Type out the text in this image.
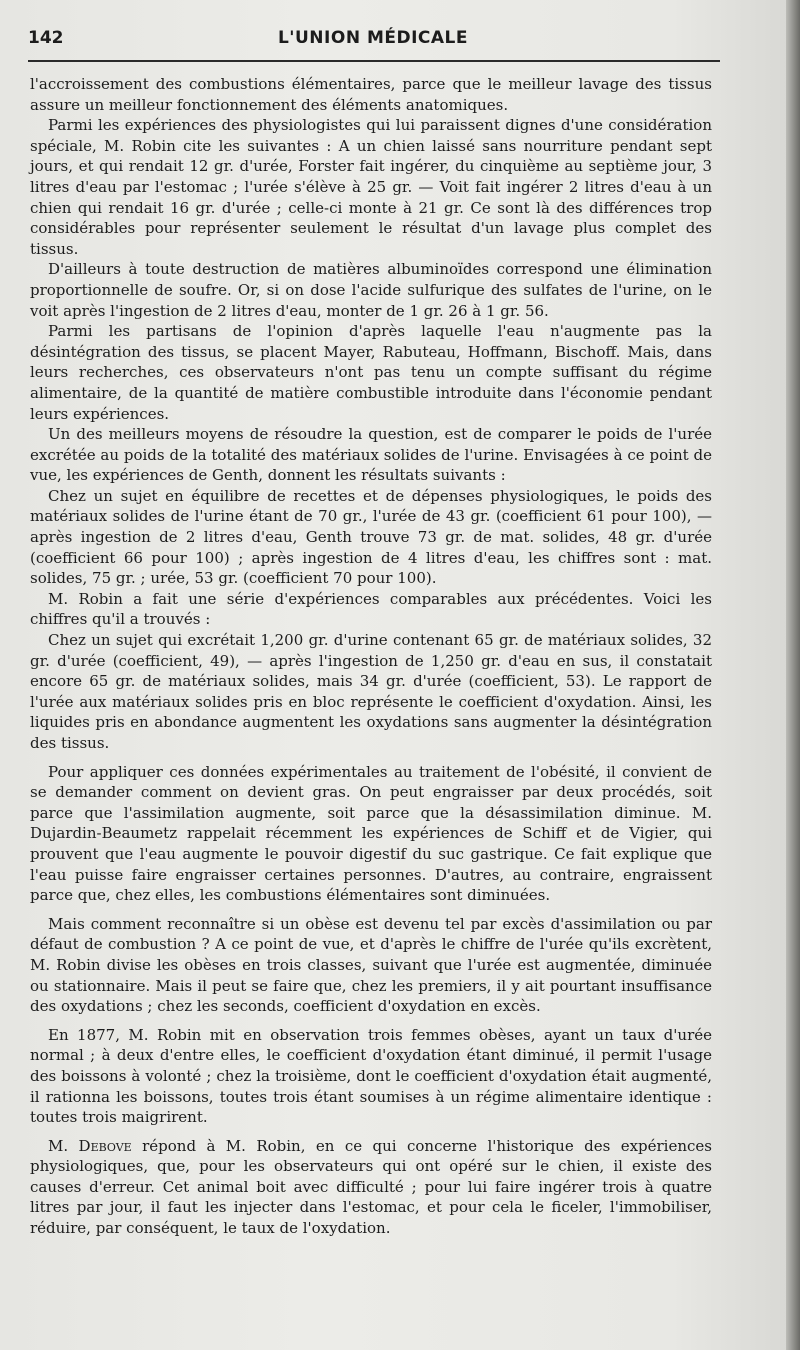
142	L'UNION MÉDICALE

l'accroissement des combustions élémentaires, parce que le meilleur lavage des tissus assure un meilleur fonctionnement des éléments anatomiques.

Parmi les expériences des physiologistes qui lui paraissent dignes d'une considération spéciale, M. Robin cite les suivantes : A un chien laissé sans nourriture pendant sept jours, et qui rendait 12 gr. d'urée, Forster fait ingérer, du cinquième au septième jour, 3 litres d'eau par l'estomac ; l'urée s'élève à 25 gr. — Voit fait ingérer 2 litres d'eau à un chien qui rendait 16 gr. d'urée ; celle-ci monte à 21 gr. Ce sont là des différences trop considérables pour représenter seulement le résultat d'un lavage plus complet des tissus.

D'ailleurs à toute destruction de matières albuminoïdes correspond une élimination proportionnelle de soufre. Or, si on dose l'acide sulfurique des sulfates de l'urine, on le voit après l'ingestion de 2 litres d'eau, monter de 1 gr. 26 à 1 gr. 56.

Parmi les partisans de l'opinion d'après laquelle l'eau n'augmente pas la désintégration des tissus, se placent Mayer, Rabuteau, Hoffmann, Bischoff. Mais, dans leurs recherches, ces observateurs n'ont pas tenu un compte suffisant du régime alimentaire, de la quantité de matière combustible introduite dans l'économie pendant leurs expériences.

Un des meilleurs moyens de résoudre la question, est de comparer le poids de l'urée excrétée au poids de la totalité des matériaux solides de l'urine. Envisagées à ce point de vue, les expériences de Genth, donnent les résultats suivants :

Chez un sujet en équilibre de recettes et de dépenses physiologiques, le poids des matériaux solides de l'urine étant de 70 gr., l'urée de 43 gr. (coefficient 61 pour 100), — après ingestion de 2 litres d'eau, Genth trouve 73 gr. de mat. solides, 48 gr. d'urée (coefficient 66 pour 100) ; après ingestion de 4 litres d'eau, les chiffres sont : mat. solides, 75 gr. ; urée, 53 gr. (coefficient 70 pour 100).

M. Robin a fait une série d'expériences comparables aux précédentes. Voici les chiffres qu'il a trouvés :

Chez un sujet qui excrétait 1,200 gr. d'urine contenant 65 gr. de matériaux solides, 32 gr. d'urée (coefficient, 49), — après l'ingestion de 1,250 gr. d'eau en sus, il constatait encore 65 gr. de matériaux solides, mais 34 gr. d'urée (coefficient, 53). Le rapport de l'urée aux matériaux solides pris en bloc représente le coefficient d'oxydation. Ainsi, les liquides pris en abondance augmentent les oxydations sans augmenter la désintégration des tissus.

Pour appliquer ces données expérimentales au traitement de l'obésité, il convient de se demander comment on devient gras. On peut engraisser par deux procédés, soit parce que l'assimilation augmente, soit parce que la désassimilation diminue. M. Dujardin-Beaumetz rappelait récemment les expériences de Schiff et de Vigier, qui prouvent que l'eau augmente le pouvoir digestif du suc gastrique. Ce fait explique que l'eau puisse faire engraisser certaines personnes. D'autres, au contraire, engraissent parce que, chez elles, les combustions élémentaires sont diminuées.

Mais comment reconnaître si un obèse est devenu tel par excès d'assimilation ou par défaut de combustion ? A ce point de vue, et d'après le chiffre de l'urée qu'ils excrètent, M. Robin divise les obèses en trois classes, suivant que l'urée est augmentée, diminuée ou stationnaire. Mais il peut se faire que, chez les premiers, il y ait pourtant insuffisance des oxydations ; chez les seconds, coefficient d'oxydation en excès.

En 1877, M. Robin mit en observation trois femmes obèses, ayant un taux d'urée normal ; à deux d'entre elles, le coefficient d'oxydation étant diminué, il permit l'usage des boissons à volonté ; chez la troisième, dont le coefficient d'oxydation était augmenté, il rationna les boissons, toutes trois étant soumises à un régime alimentaire identique : toutes trois maigrirent.

M. Debove répond à M. Robin, en ce qui concerne l'historique des expériences physiologiques, que, pour les observateurs qui ont opéré sur le chien, il existe des causes d'erreur. Cet animal boit avec difficulté ; pour lui faire ingérer trois à quatre litres par jour, il faut les injecter dans l'estomac, et pour cela le ficeler, l'immobiliser, réduire, par conséquent, le taux de l'oxydation.
